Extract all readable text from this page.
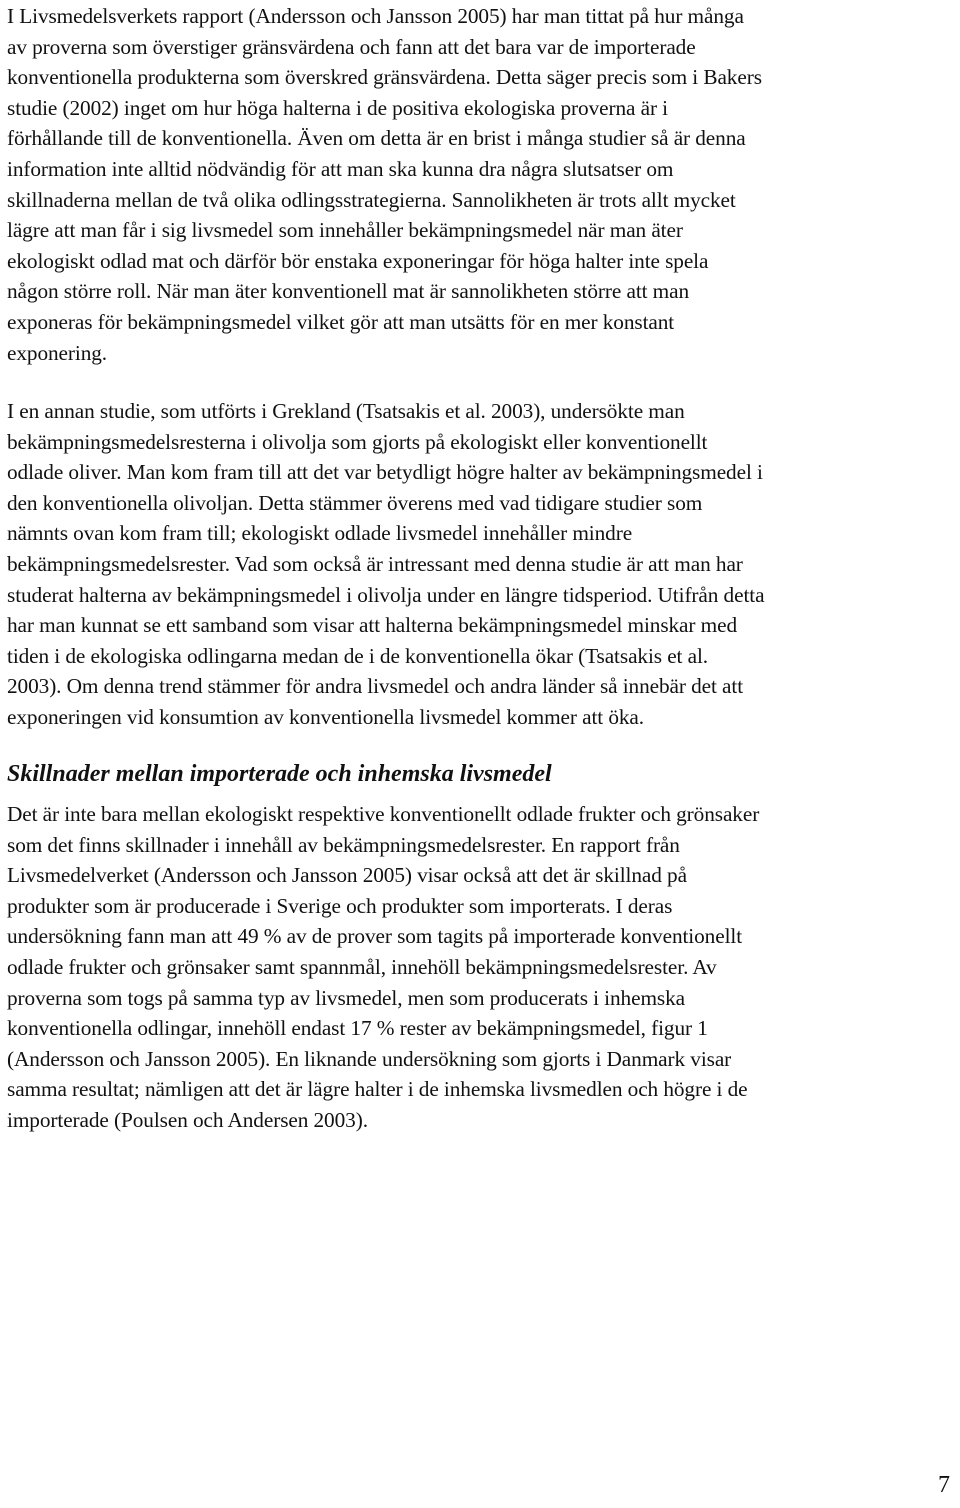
I Livsmedelsverkets rapport (Andersson och Jansson 2005) har man tittat på hur många
av proverna som överstiger gränsvärdena och fann att det bara var de importerade
konventionella produkterna som överskred gränsvärdena. Detta säger precis som i Bakers
studie (2002) inget om hur höga halterna i de positiva ekologiska proverna är i
förhållande till de konventionella. Även om detta är en brist i många studier så är denna
information inte alltid nödvändig för att man ska kunna dra några slutsatser om
skillnaderna mellan de två olika odlingsstrategierna. Sannolikheten är trots allt mycket
lägre att man får i sig livsmedel som innehåller bekämpningsmedel när man äter
ekologiskt odlad mat och därför bör enstaka exponeringar för höga halter inte spela
någon större roll. När man äter konventionell mat är sannolikheten större att man
exponeras för bekämpningsmedel vilket gör att man utsätts för en mer konstant
exponering.

I en annan studie, som utförts i Grekland (Tsatsakis et al. 2003), undersökte man
bekämpningsmedelsresterna i olivolja som gjorts på ekologiskt eller konventionellt
odlade oliver. Man kom fram till att det var betydligt högre halter av bekämpningsmedel i
den konventionella olivoljan. Detta stämmer överens med vad tidigare studier som
nämnts ovan kom fram till; ekologiskt odlade livsmedel innehåller mindre
bekämpningsmedelsrester. Vad som också är intressant med denna studie är att man har
studerat halterna av bekämpningsmedel i olivolja under en längre tidsperiod. Utifrån detta
har man kunnat se ett samband som visar att halterna bekämpningsmedel minskar med
tiden i de ekologiska odlingarna medan de i de konventionella ökar (Tsatsakis et al.
2003). Om denna trend stämmer för andra livsmedel och andra länder så innebär det att
exponeringen vid konsumtion av konventionella livsmedel kommer att öka.

Skillnader mellan importerade och inhemska livsmedel

Det är inte bara mellan ekologiskt respektive konventionellt odlade frukter och grönsaker
som det finns skillnader i innehåll av bekämpningsmedelsrester. En rapport från
Livsmedelverket (Andersson och Jansson 2005) visar också att det är skillnad på
produkter som är producerade i Sverige och produkter som importerats. I deras
undersökning fann man att 49 % av de prover som tagits på importerade konventionellt
odlade frukter och grönsaker samt spannmål, innehöll bekämpningsmedelsrester. Av
proverna som togs på samma typ av livsmedel, men som producerats i inhemska
konventionella odlingar, innehöll endast 17 % rester av bekämpningsmedel, figur 1
(Andersson och Jansson 2005). En liknande undersökning som gjorts i Danmark visar
samma resultat; nämligen att det är lägre halter i de inhemska livsmedlen och högre i de
importerade (Poulsen och Andersen 2003).

7
